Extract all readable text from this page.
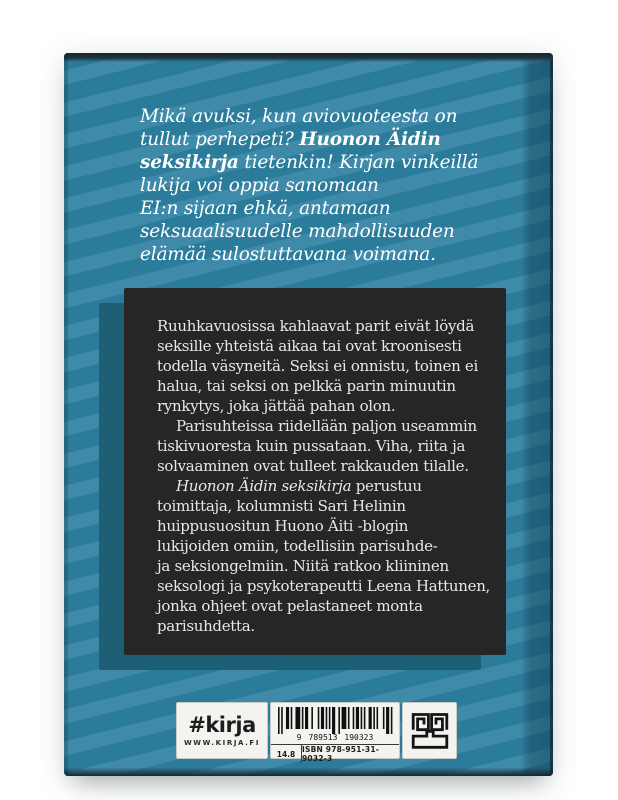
Mikä avuksi, kun aviovuoteesta on
tullut perhepeti? Huonon Äidin
seksikirja tietenkin! Kirjan vinkeillä
lukija voi oppia sanomaan
EI:n sijaan ehkä, antamaan
seksuaalisuudelle mahdollisuuden
elämää sulostuttavana voimana.
Ruuhkavuosissa kahlaavat parit eivät löydä
seksille yhteistä aikaa tai ovat kroonisesti
todella väsyneitä. Seksi ei onnistu, toinen ei
halua, tai seksi on pelkkä parin minuutin
rynkytys, joka jättää pahan olon.
Parisuhteissa riidellään paljon useammin
tiskivuoresta kuin pussataan. Viha, riita ja
solvaaminen ovat tulleet rakkauden tilalle.
Huonon Äidin seksikirja perustuu
toimittaja, kolumnisti Sari Helinin
huippusuositun Huono Äiti -blogin
lukijoiden omiin, todellisiin parisuhde-
ja seksiongelmiin. Niitä ratkoo kliininen
seksologi ja psykoterapeutti Leena Hattunen,
jonka ohjeet ovat pelastaneet monta
parisuhdetta.
#kirja
WWW.KIRJA.FI
9 789513 190323
14.8 ISBN 978-951-31-9032-3
